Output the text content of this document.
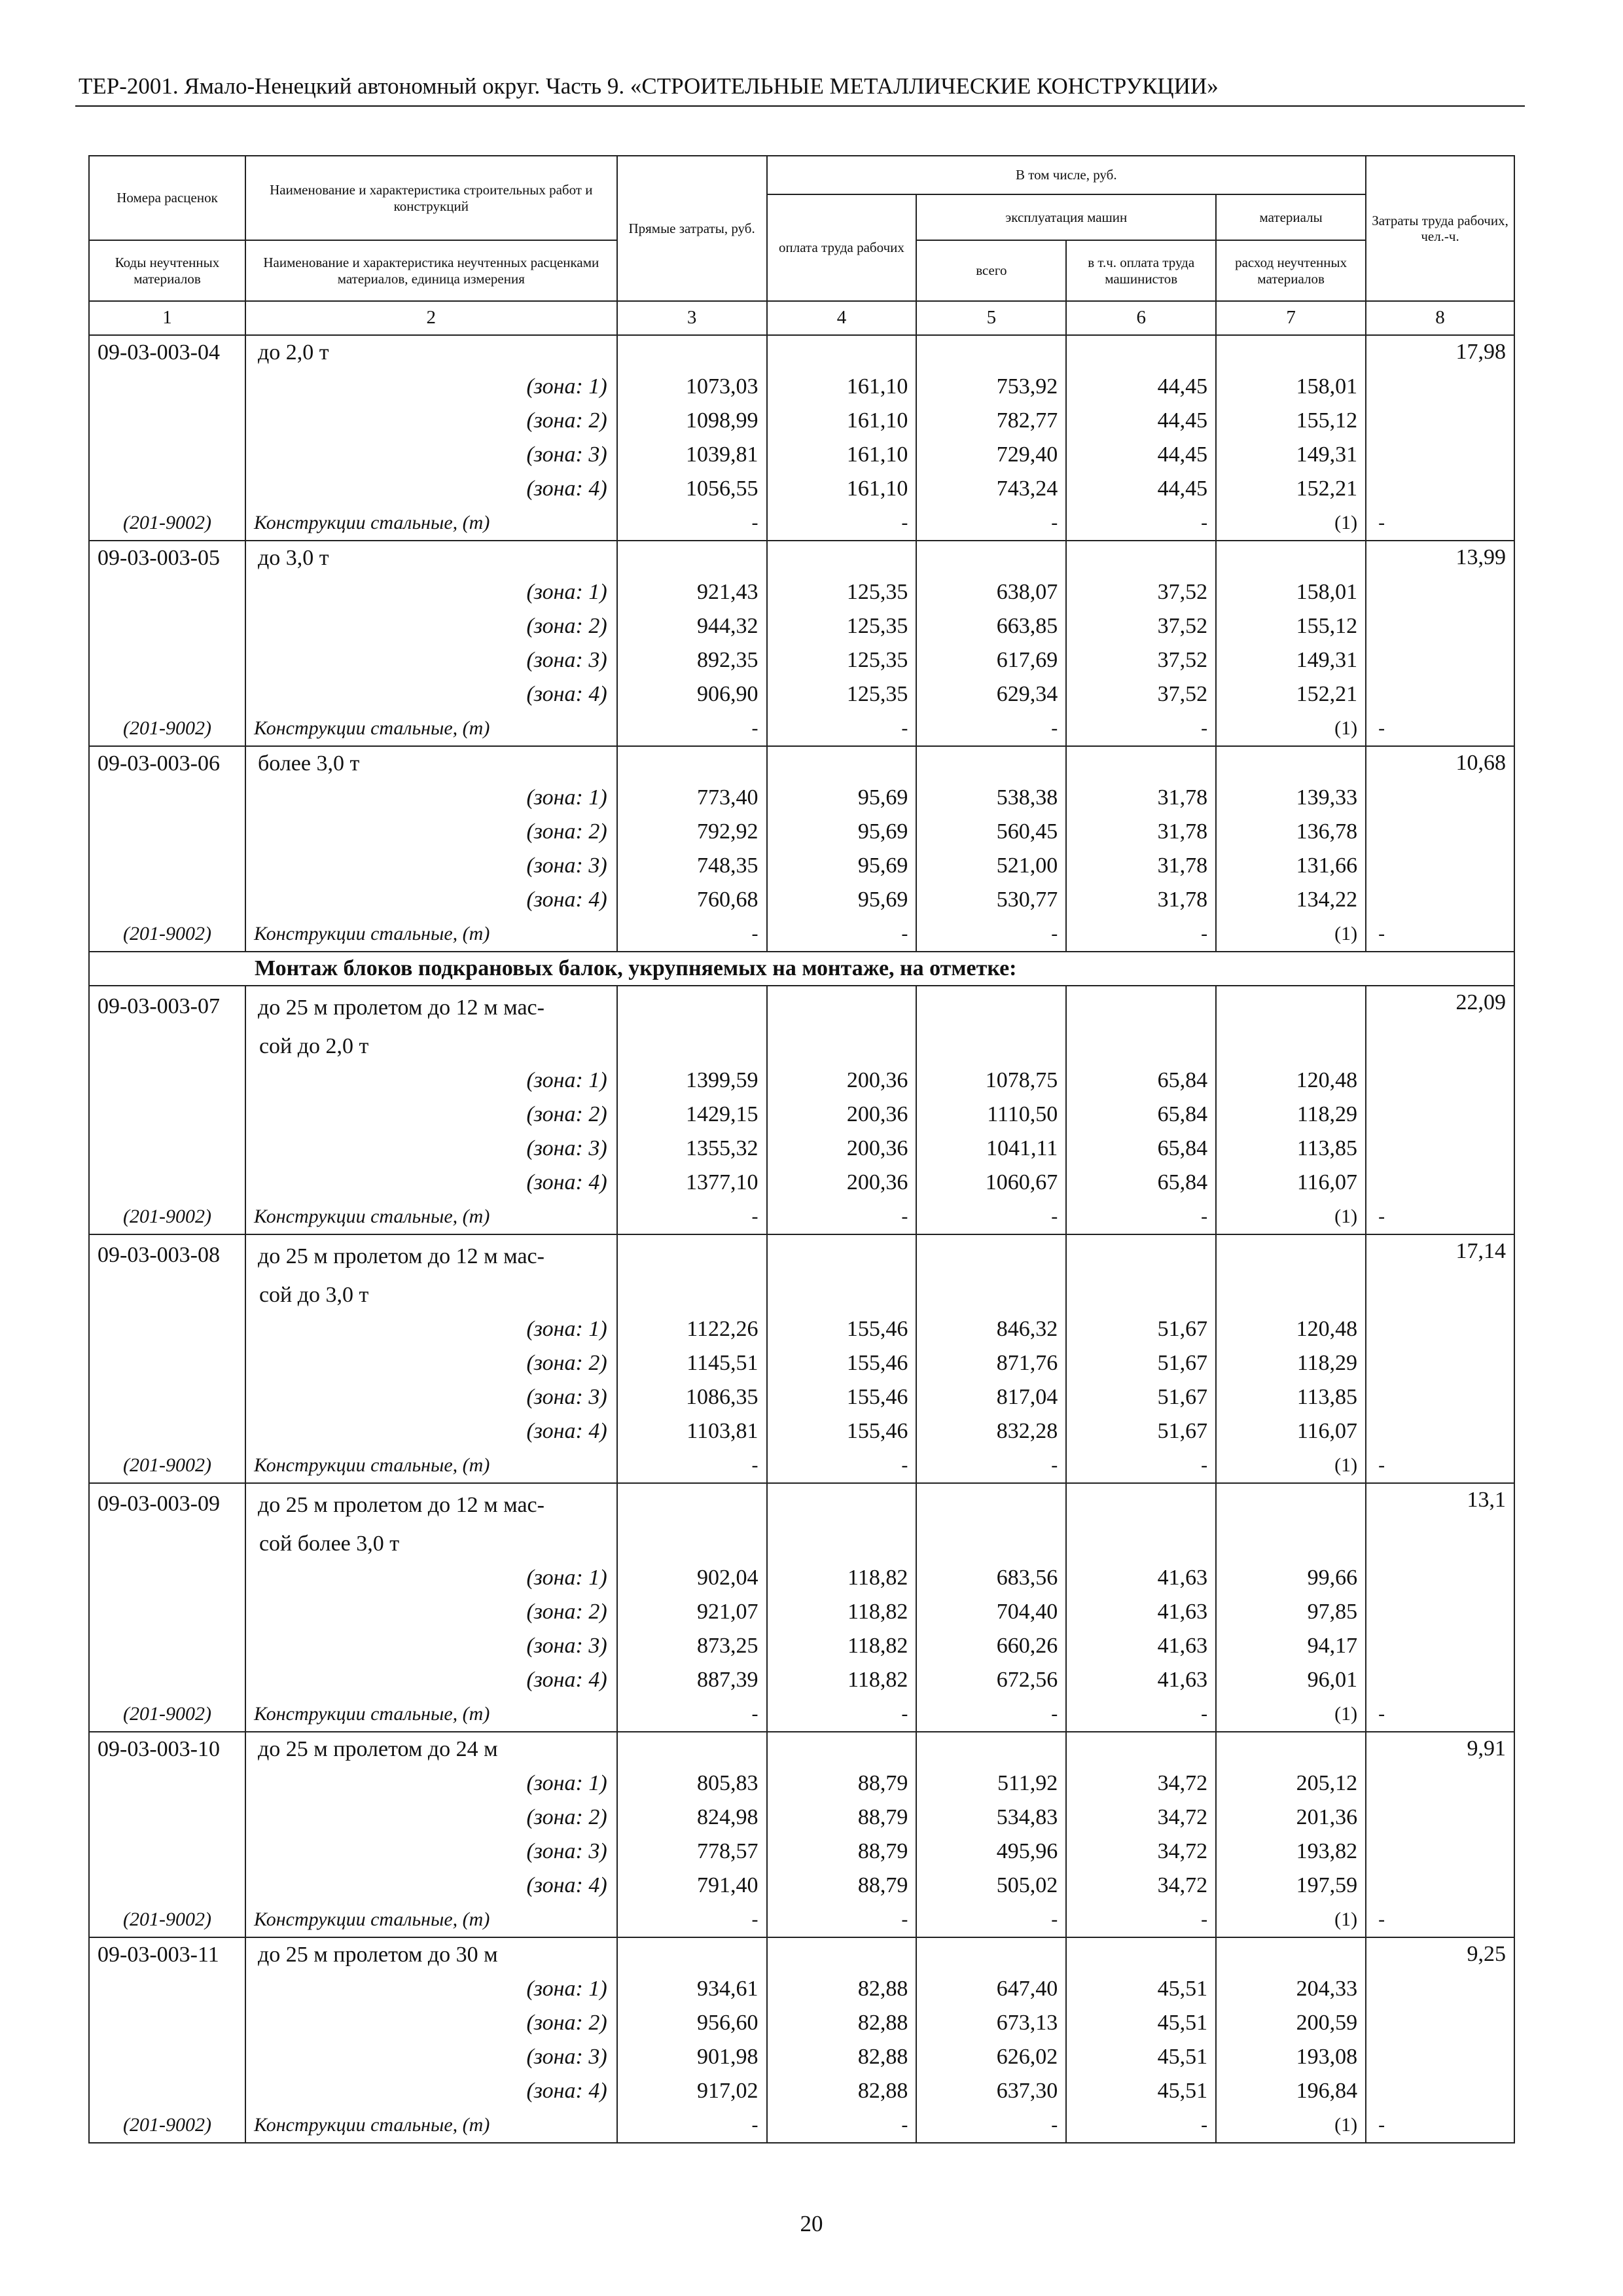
ТЕР-2001. Ямало-Ненецкий автономный округ. Часть 9. «СТРОИТЕЛЬНЫЕ МЕТАЛЛИЧЕСКИЕ КОНСТРУКЦИИ»
Номера расценок	Наименование и характеристика строительных работ и конструкций	Прямые затраты, руб.	В том числе, руб.				Затраты труда рабочих, чел.-ч.
			оплата труда рабочих	эксплуатация машин		материалы	
Коды неучтенных материалов	Наименование и характеристика неучтенных расценками материалов, единица измерения			всего	в т.ч. оплата труда машинистов	расход неучтенных материалов	
1	2	3	4	5	6	7	8
09-03-003-04	до 2,0 т						17,98
	(зона: 1)	1073,03	161,10	753,92	44,45	158,01	
	(зона: 2)	1098,99	161,10	782,77	44,45	155,12	
	(зона: 3)	1039,81	161,10	729,40	44,45	149,31	
	(зона: 4)	1056,55	161,10	743,24	44,45	152,21	
(201-9002)	Конструкции стальные, (т)	-	-	-	-	(1)	-
09-03-003-05	до 3,0 т						13,99
	(зона: 1)	921,43	125,35	638,07	37,52	158,01	
	(зона: 2)	944,32	125,35	663,85	37,52	155,12	
	(зона: 3)	892,35	125,35	617,69	37,52	149,31	
	(зона: 4)	906,90	125,35	629,34	37,52	152,21	
(201-9002)	Конструкции стальные, (т)	-	-	-	-	(1)	-
09-03-003-06	более 3,0 т						10,68
	(зона: 1)	773,40	95,69	538,38	31,78	139,33	
	(зона: 2)	792,92	95,69	560,45	31,78	136,78	
	(зона: 3)	748,35	95,69	521,00	31,78	131,66	
	(зона: 4)	760,68	95,69	530,77	31,78	134,22	
(201-9002)	Конструкции стальные, (т)	-	-	-	-	(1)	-
Монтаж блоков подкрановых балок, укрупняемых на монтаже, на отметке:							
09-03-003-07	до 25 м пролетом до 12 м мас-						22,09
	сой до 2,0 т						
	(зона: 1)	1399,59	200,36	1078,75	65,84	120,48	
	(зона: 2)	1429,15	200,36	1110,50	65,84	118,29	
	(зона: 3)	1355,32	200,36	1041,11	65,84	113,85	
	(зона: 4)	1377,10	200,36	1060,67	65,84	116,07	
(201-9002)	Конструкции стальные, (т)	-	-	-	-	(1)	-
09-03-003-08	до 25 м пролетом до 12 м мас-						17,14
	сой до 3,0 т						
	(зона: 1)	1122,26	155,46	846,32	51,67	120,48	
	(зона: 2)	1145,51	155,46	871,76	51,67	118,29	
	(зона: 3)	1086,35	155,46	817,04	51,67	113,85	
	(зона: 4)	1103,81	155,46	832,28	51,67	116,07	
(201-9002)	Конструкции стальные, (т)	-	-	-	-	(1)	-
09-03-003-09	до 25 м пролетом до 12 м мас-						13,1
	сой более 3,0 т						
	(зона: 1)	902,04	118,82	683,56	41,63	99,66	
	(зона: 2)	921,07	118,82	704,40	41,63	97,85	
	(зона: 3)	873,25	118,82	660,26	41,63	94,17	
	(зона: 4)	887,39	118,82	672,56	41,63	96,01	
(201-9002)	Конструкции стальные, (т)	-	-	-	-	(1)	-
09-03-003-10	до 25 м пролетом до 24 м						9,91
	(зона: 1)	805,83	88,79	511,92	34,72	205,12	
	(зона: 2)	824,98	88,79	534,83	34,72	201,36	
	(зона: 3)	778,57	88,79	495,96	34,72	193,82	
	(зона: 4)	791,40	88,79	505,02	34,72	197,59	
(201-9002)	Конструкции стальные, (т)	-	-	-	-	(1)	-
09-03-003-11	до 25 м пролетом до 30 м						9,25
	(зона: 1)	934,61	82,88	647,40	45,51	204,33	
	(зона: 2)	956,60	82,88	673,13	45,51	200,59	
	(зона: 3)	901,98	82,88	626,02	45,51	193,08	
	(зона: 4)	917,02	82,88	637,30	45,51	196,84	
(201-9002)	Конструкции стальные, (т)	-	-	-	-	(1)	-
20
